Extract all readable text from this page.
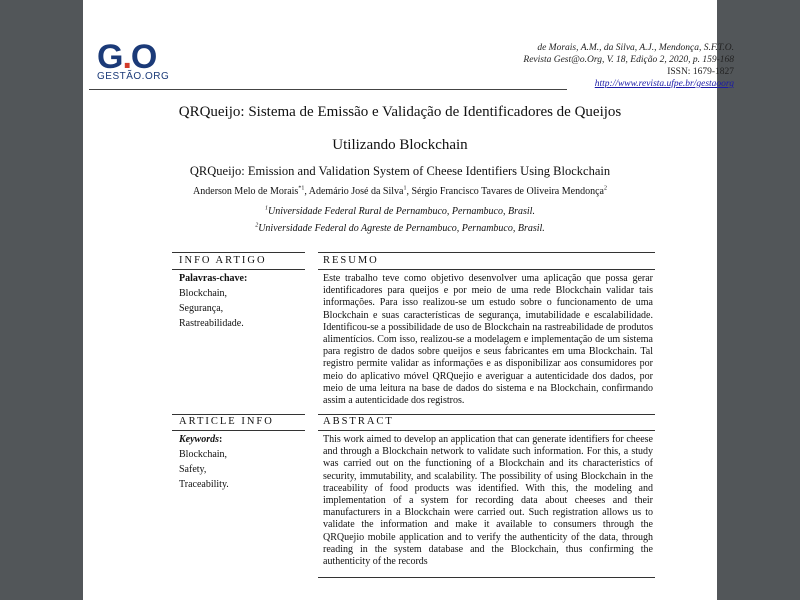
G.O
GESTÃO.ORG
de Morais, A.M., da Silva, A.J., Mendonça, S.F.T.O.
Revista Gest@o.Org, V. 18, Edição 2, 2020, p. 159-168
ISSN: 1679-1827
http://www.revista.ufpe.br/gestaoorg
QRQueijo: Sistema de Emissão e Validação de Identificadores de Queijos
Utilizando Blockchain
QRQueijo: Emission and Validation System of Cheese Identifiers Using Blockchain
Anderson Melo de Morais$^{*1}$, Ademário José da Silva$^1$, Sérgio Francisco Tavares de Oliveira Mendonça$^2$
$^1$Universidade Federal Rural de Pernambuco, Pernambuco, Brasil.
$^2$Universidade Federal do Agreste de Pernambuco, Pernambuco, Brasil.
INFO ARTIGO	RESUMO
Palavras-chave:
Blockchain,
Segurança,
Rastreabilidade.
Este trabalho teve como objetivo desenvolver uma aplicação que possa gerar identificadores para queijos e por meio de uma rede Blockchain validar tais informações. Para isso realizou-se um estudo sobre o funcionamento de uma Blockchain e suas características de segurança, imutabilidade e escalabilidade. Identificou-se a possibilidade de uso de Blockchain na rastreabilidade de produtos alimentícios. Com isso, realizou-se a modelagem e implementação de um sistema para registro de dados sobre queijos e seus fabricantes em uma Blockchain. Tal registro permite validar as informações e as disponibilizar aos consumidores por meio do aplicativo móvel QRQuejio e averiguar a autenticidade dos dados, por meio de uma leitura na base de dados do sistema e na Blockchain, confirmando assim a autenticidade dos registros.
ARTICLE INFO	ABSTRACT
Keywords:
Blockchain,
Safety,
Traceability.
This work aimed to develop an application that can generate identifiers for cheese and through a Blockchain network to validate such information. For this, a study was carried out on the functioning of a Blockchain and its characteristics of security, immutability, and scalability. The possibility of using Blockchain in the traceability of food products was identified. With this, the modeling and implementation of a system for recording data about cheeses and their manufacturers in a Blockchain were carried out. Such registration allows us to validate the information and make it available to consumers through the QRQuejio mobile application and to verify the authenticity of the data, through reading in the system database and the Blockchain, thus confirming the authenticity of the records
